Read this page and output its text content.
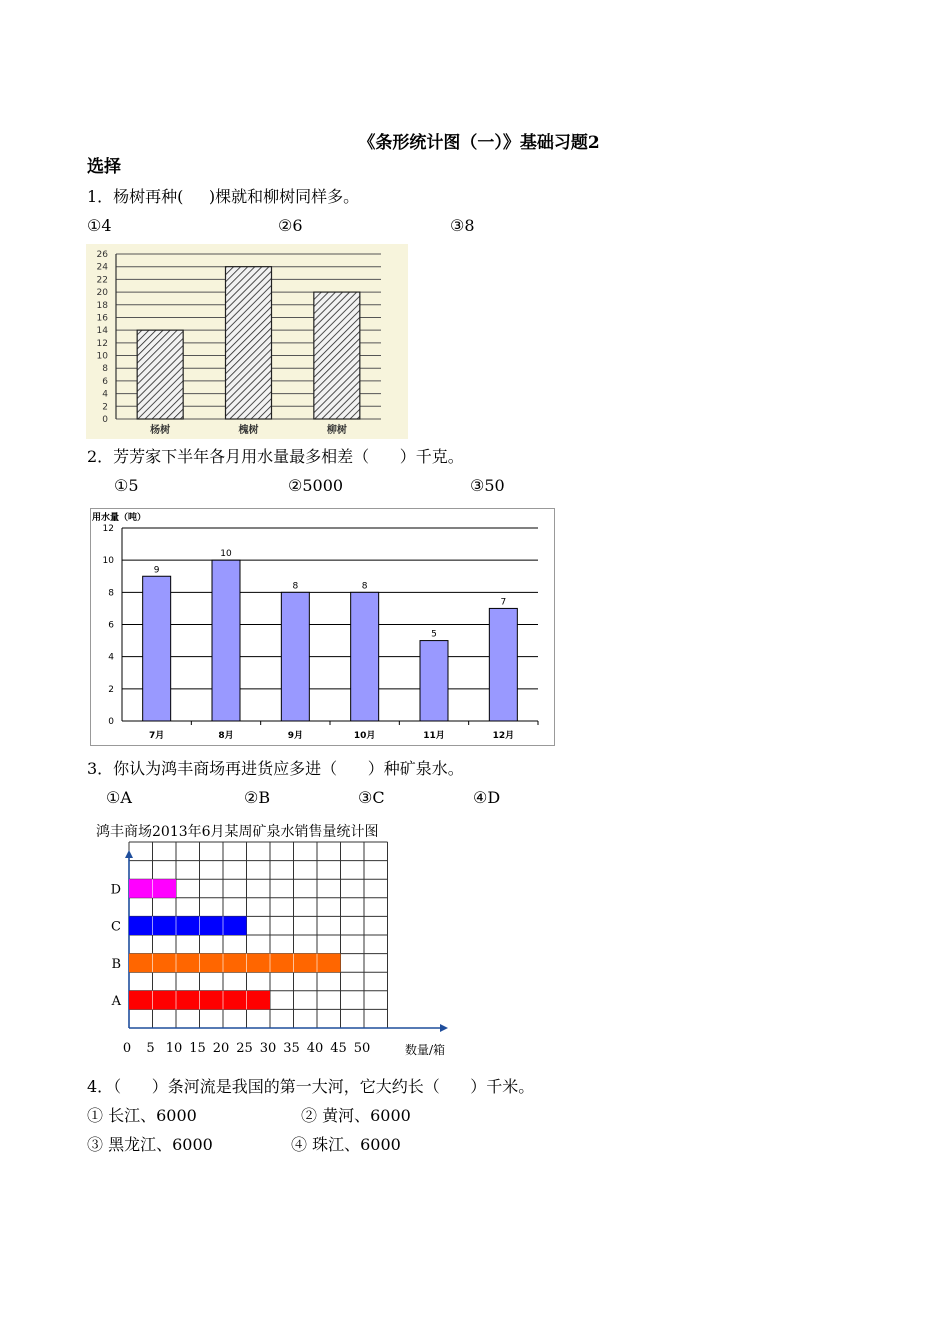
《条形统计图（一）》基础习题2
选择
1．杨树再种(     )棵就和柳树同样多。
①4	②6	③8
0
2
4
6
8
10
12
14
16
18
20
22
24
26
杨树	槐树	柳树
2．芳芳家下半年各月用水量最多相差（      ）千克。
①5	②5000	③50
用水量（吨）
0
2
4
6
8
10
12
9
7月
10
8月
8
9月
8
10月
5
11月
7
12月
3．你认为鸿丰商场再进货应多进（      ）种矿泉水。
①A	②B	③C	④D
鸿丰商场2013年6月某周矿泉水销售量统计图
A
B
C
D
0 5 10 15 20 25 30 35 40 45 50	数量/箱
4．（      ）条河流是我国的第一大河，它大约长（      ）千米。
① 长江、6000	② 黄河、6000
③ 黑龙江、6000	④ 珠江、6000
